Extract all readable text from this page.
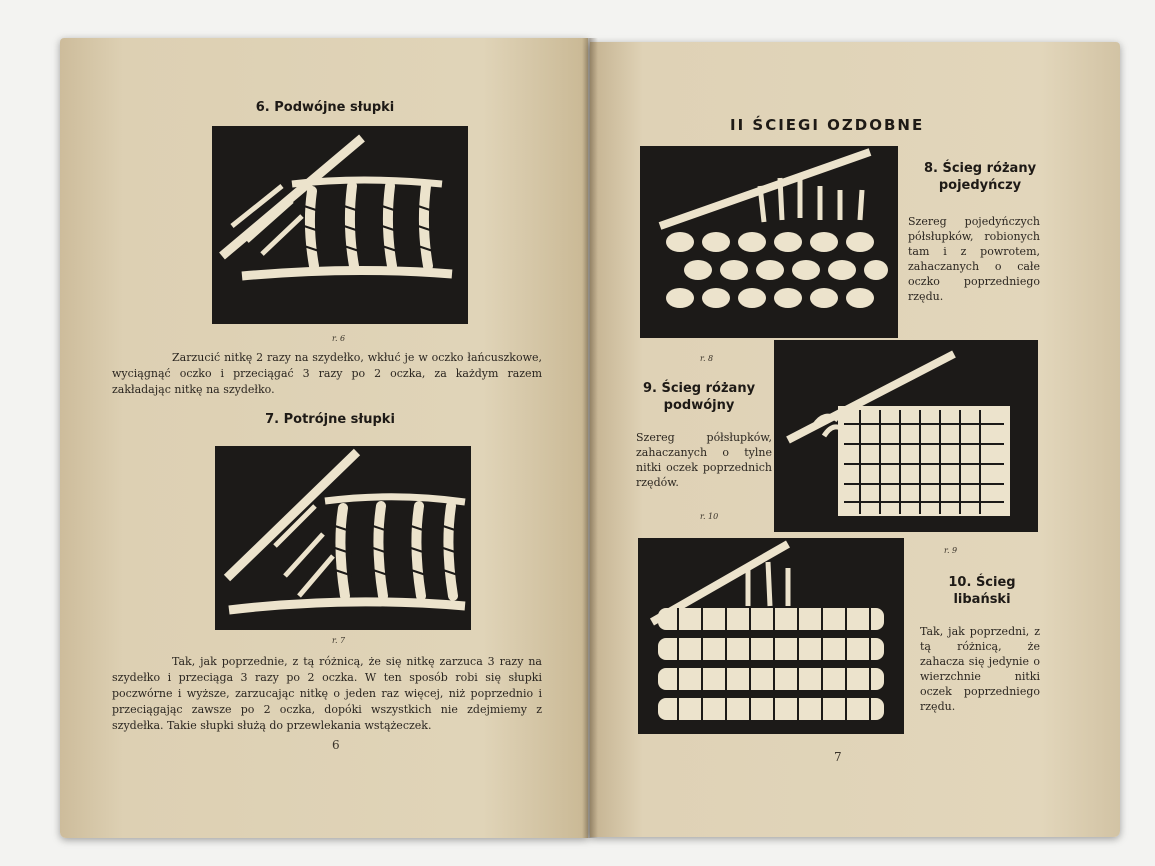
6. Podwójne słupki
r. 6
Zarzucić nitkę 2 razy na szydełko, wkłuć je w oczko łańcuszkowe, wyciągnąć oczko i przeciągać 3 razy po 2 oczka, za każdym razem zakładając nitkę na szydełko.
7. Potrójne słupki
r. 7
Tak, jak poprzednie, z tą różnicą, że się nitkę zarzuca 3 razy na szydełko i przeciąga 3 razy po 2 oczka. W ten sposób robi się słupki poczwórne i wyższe, zarzucając nitkę o jeden raz więcej, niż poprzednio i przeciągając zawsze po 2 oczka, dopóki wszystkich nie zdejmiemy z szydełka. Takie słupki służą do przewlekania wstążeczek.
6
II ŚCIEGI OZDOBNE
r. 8
8. Ścieg różany pojedyńczy
Szereg pojedyńczych półsłupków, robionych tam i z powrotem, zahaczanych o całe oczko poprzedniego rzędu.
9. Ścieg różany podwójny
Szereg półsłupków, zahaczanych o tylne nitki oczek poprzednich rzędów.
r. 10
r. 9
10. Ścieg libański
Tak, jak poprzedni, z tą różnicą, że zahacza się jedynie o wierzchnie nitki oczek poprzedniego rzędu.
7
